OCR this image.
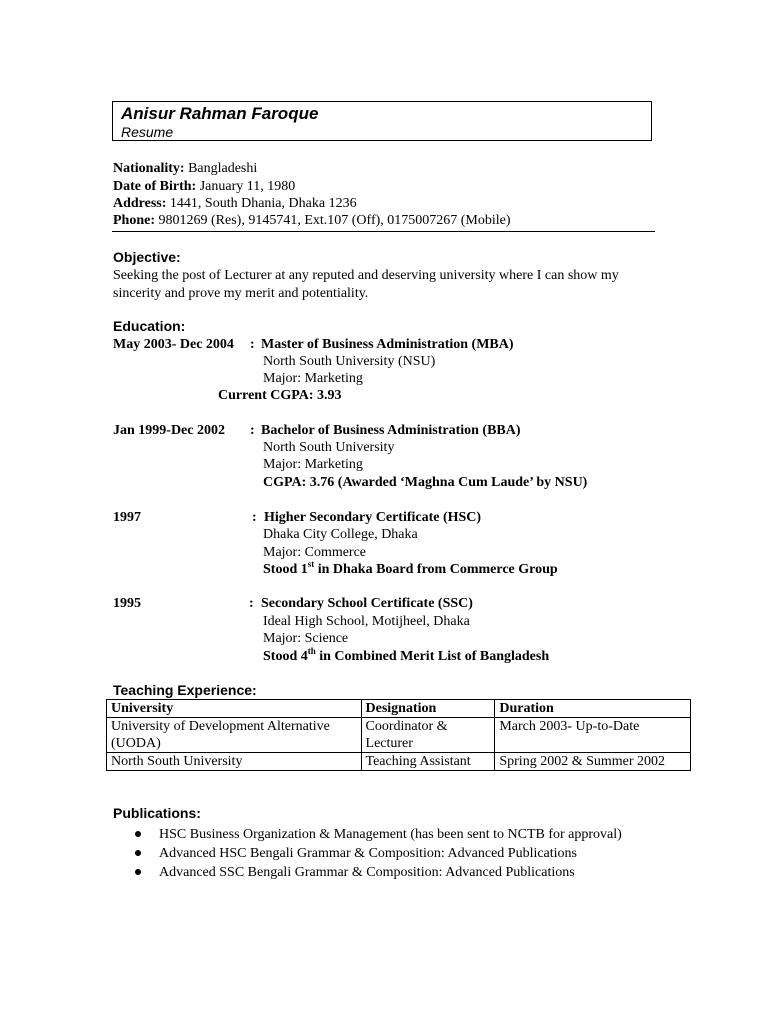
Anisur Rahman Faroque
Resume
Nationality: Bangladeshi
Date of Birth: January 11, 1980
Address: 1441, South Dhania, Dhaka 1236
Phone: 9801269 (Res), 9145741, Ext.107 (Off), 0175007267 (Mobile)
Objective:
Seeking the post of Lecturer at any reputed and deserving university where I can show my sincerity and prove my merit and potentiality.
Education:
May 2003- Dec 2004 : Master of Business Administration (MBA)
North South University (NSU)
Major: Marketing
Current CGPA: 3.93
Jan 1999-Dec 2002 : Bachelor of Business Administration (BBA)
North South University
Major: Marketing
CGPA: 3.76 (Awarded ‘Maghna Cum Laude’ by NSU)
1997	: Higher Secondary Certificate (HSC)
Dhaka City College, Dhaka
Major: Commerce
Stood 1st in Dhaka Board from Commerce Group
1995	: Secondary School Certificate (SSC)
Ideal High School, Motijheel, Dhaka
Major: Science
Stood 4th in Combined Merit List of Bangladesh
Teaching Experience:
University	Designation	Duration
University of Development Alternative (UODA)	Coordinator & Lecturer	March 2003- Up-to-Date
North South University	Teaching Assistant	Spring 2002 & Summer 2002
Publications:
HSC Business Organization & Management (has been sent to NCTB for approval)
Advanced HSC Bengali Grammar & Composition: Advanced Publications
Advanced SSC Bengali Grammar & Composition: Advanced Publications
